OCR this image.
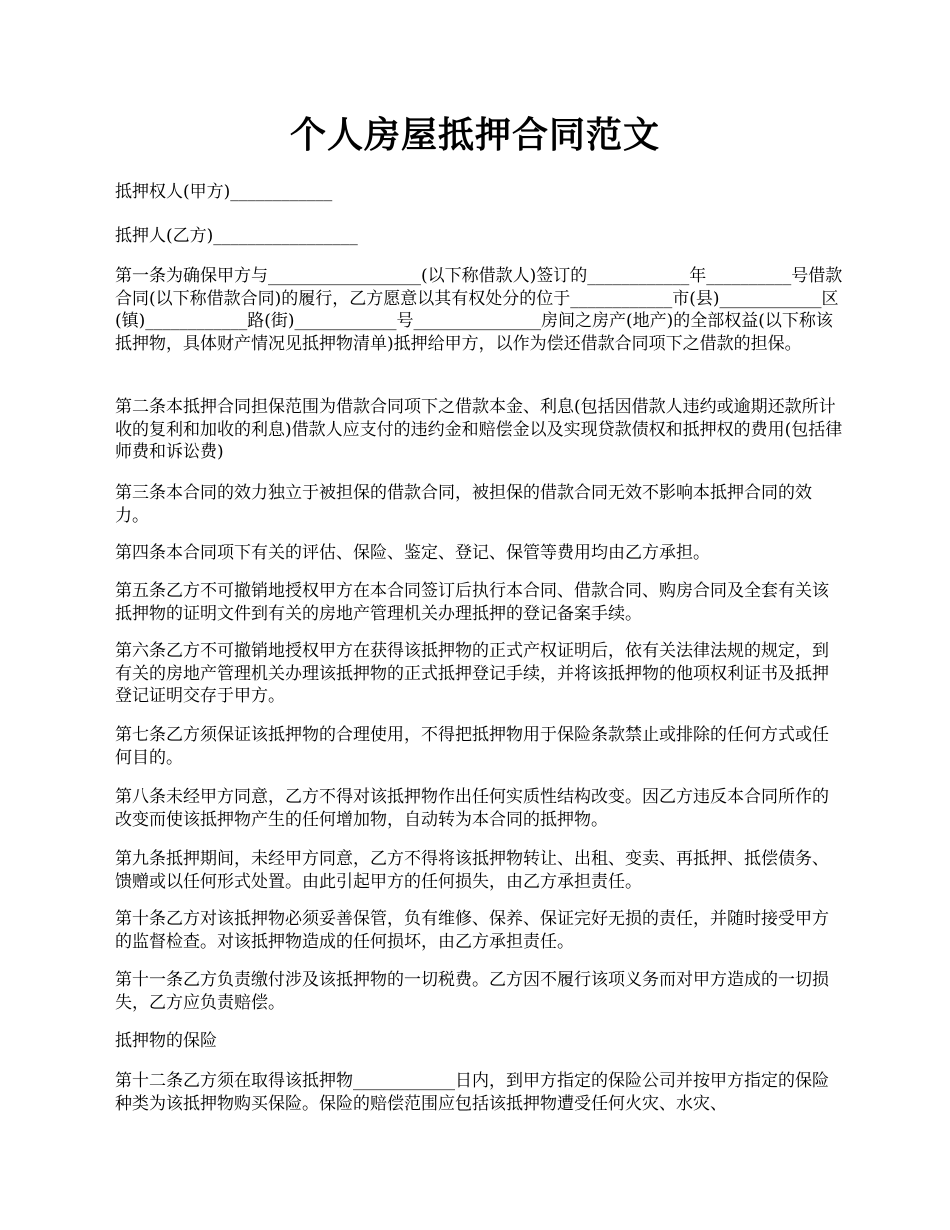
个人房屋抵押合同范文

抵押权人(甲方)____________

抵押人(乙方)_________________

第一条为确保甲方与__________________(以下称借款人)签订的____________年__________号借款合同(以下称借款合同)的履行，乙方愿意以其有权处分的位于____________市(县)____________区(镇)____________路(街)____________号_______________房间之房产(地产)的全部权益(以下称该抵押物，具体财产情况见抵押物清单)抵押给甲方，以作为偿还借款合同项下之借款的担保。

第二条本抵押合同担保范围为借款合同项下之借款本金、利息(包括因借款人违约或逾期还款所计收的复利和加收的利息)借款人应支付的违约金和赔偿金以及实现贷款债权和抵押权的费用(包括律师费和诉讼费)

第三条本合同的效力独立于被担保的借款合同，被担保的借款合同无效不影响本抵押合同的效力。

第四条本合同项下有关的评估、保险、鉴定、登记、保管等费用均由乙方承担。

第五条乙方不可撤销地授权甲方在本合同签订后执行本合同、借款合同、购房合同及全套有关该抵押物的证明文件到有关的房地产管理机关办理抵押的登记备案手续。

第六条乙方不可撤销地授权甲方在获得该抵押物的正式产权证明后，依有关法律法规的规定，到有关的房地产管理机关办理该抵押物的正式抵押登记手续，并将该抵押物的他项权利证书及抵押登记证明交存于甲方。

第七条乙方须保证该抵押物的合理使用，不得把抵押物用于保险条款禁止或排除的任何方式或任何目的。

第八条未经甲方同意，乙方不得对该抵押物作出任何实质性结构改变。因乙方违反本合同所作的改变而使该抵押物产生的任何增加物，自动转为本合同的抵押物。

第九条抵押期间，未经甲方同意，乙方不得将该抵押物转让、出租、变卖、再抵押、抵偿债务、馈赠或以任何形式处置。由此引起甲方的任何损失，由乙方承担责任。

第十条乙方对该抵押物必须妥善保管，负有维修、保养、保证完好无损的责任，并随时接受甲方的监督检查。对该抵押物造成的任何损坏，由乙方承担责任。

第十一条乙方负责缴付涉及该抵押物的一切税费。乙方因不履行该项义务而对甲方造成的一切损失，乙方应负责赔偿。

抵押物的保险

第十二条乙方须在取得该抵押物____________日内，到甲方指定的保险公司并按甲方指定的保险种类为该抵押物购买保险。保险的赔偿范围应包括该抵押物遭受任何火灾、水灾、
